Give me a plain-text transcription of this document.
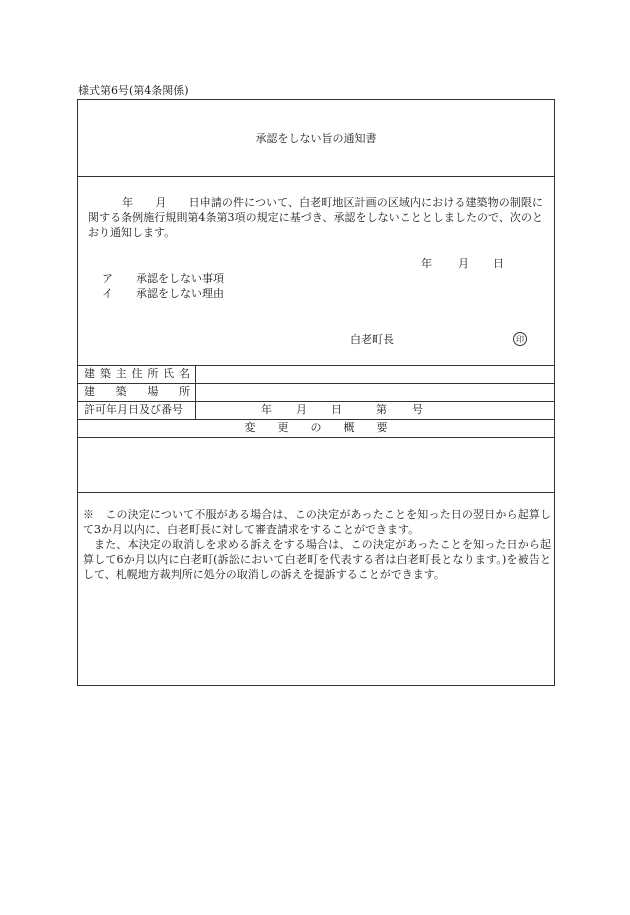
様式第6号(第4条関係)
承認をしない旨の通知書
年　　月　　日申請の件について、白老町地区計画の区域内における建築物の制限に関する条例施行規則第4条第3項の規定に基づき、承認をしないこととしましたので、次のとおり通知します。
年 月 日
ア 承認をしない事項
イ 承認をしない理由
白老町長	印
建築主住所氏名
建築場所
許可年月日及び番号	年 月 日	第 号
変　　更　　の　　概　　要

※　 この決定について不服がある場合は、この決定があったことを知った日の翌日から起算して3か月以内に、白老町長に対して審査請求をすることができます。

また、本決定の取消しを求める訴えをする場合は、この決定があったことを知った日から起算して6か月以内に白老町(訴訟において白老町を代表する者は白老町長となります。)を被告として、札幌地方裁判所に処分の取消しの訴えを提訴することができます。
